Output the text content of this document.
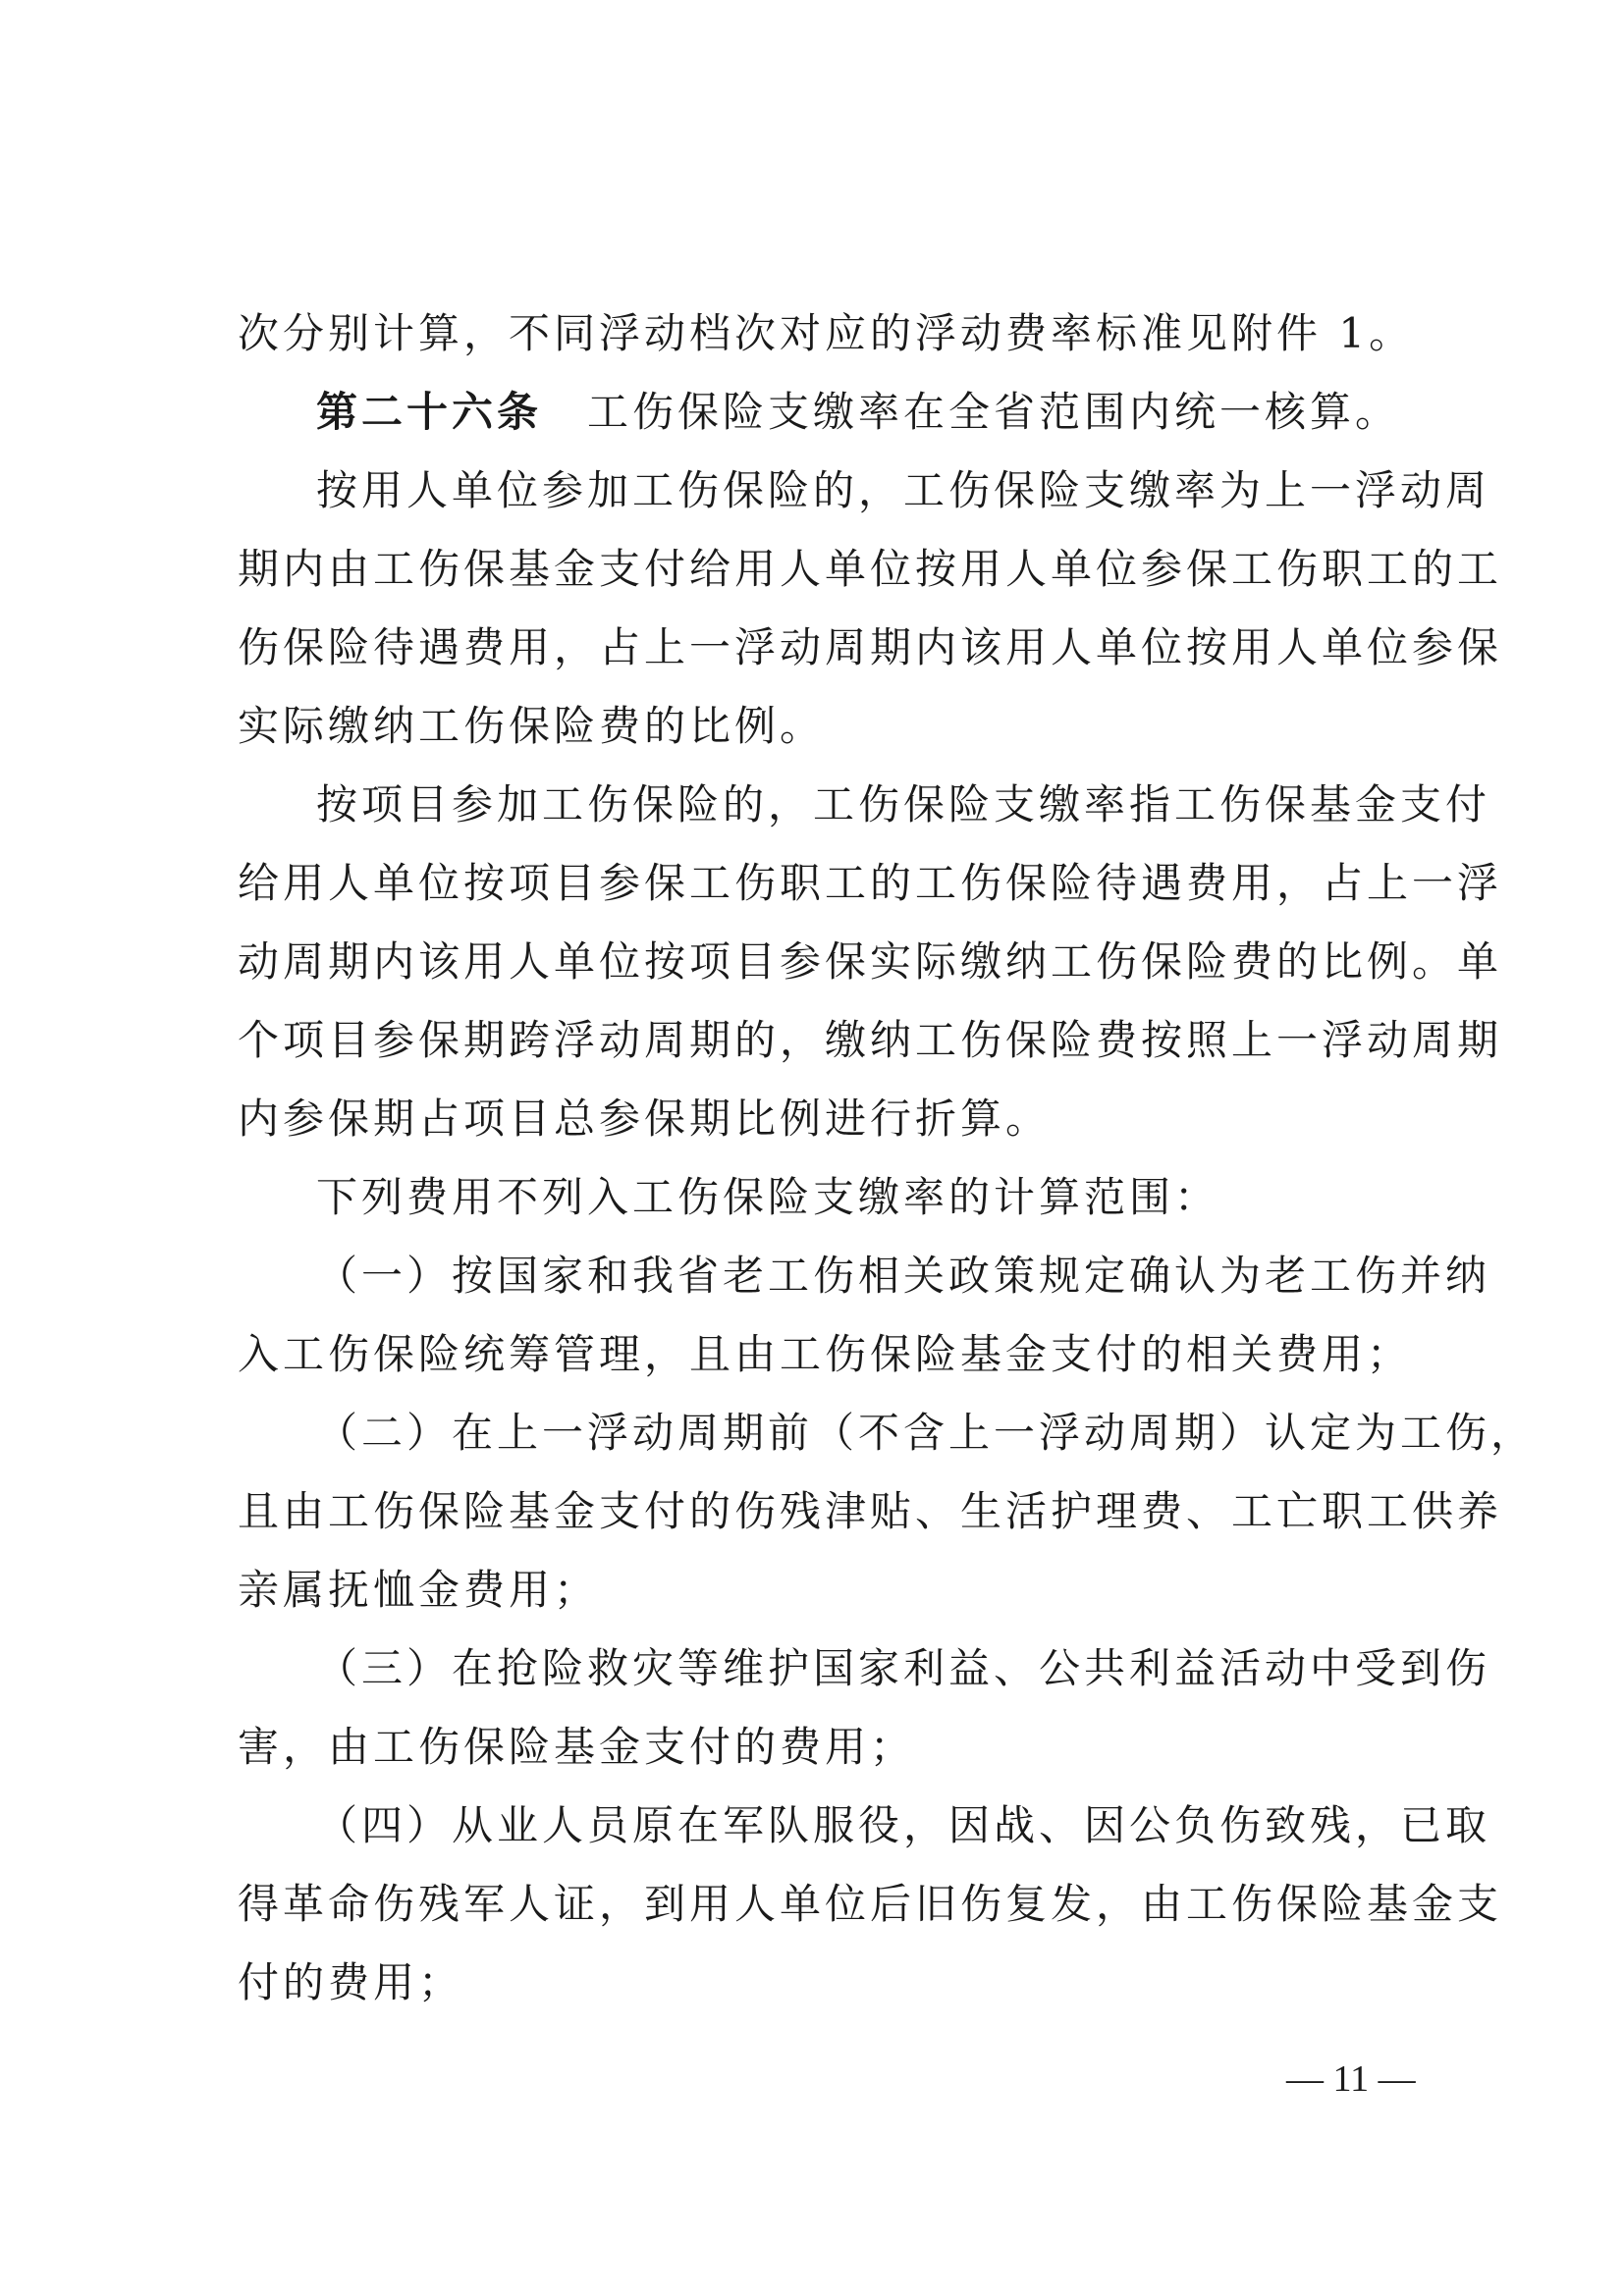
次分别计算，不同浮动档次对应的浮动费率标准见附件 1。
第二十六条 工伤保险支缴率在全省范围内统一核算。
按用人单位参加工伤保险的，工伤保险支缴率为上一浮动周
期内由工伤保基金支付给用人单位按用人单位参保工伤职工的工
伤保险待遇费用，占上一浮动周期内该用人单位按用人单位参保
实际缴纳工伤保险费的比例。
按项目参加工伤保险的，工伤保险支缴率指工伤保基金支付
给用人单位按项目参保工伤职工的工伤保险待遇费用，占上一浮
动周期内该用人单位按项目参保实际缴纳工伤保险费的比例。单
个项目参保期跨浮动周期的，缴纳工伤保险费按照上一浮动周期
内参保期占项目总参保期比例进行折算。
下列费用不列入工伤保险支缴率的计算范围：
（一）按国家和我省老工伤相关政策规定确认为老工伤并纳
入工伤保险统筹管理，且由工伤保险基金支付的相关费用；
（二）在上一浮动周期前（不含上一浮动周期）认定为工伤，
且由工伤保险基金支付的伤残津贴、生活护理费、工亡职工供养
亲属抚恤金费用；
（三）在抢险救灾等维护国家利益、公共利益活动中受到伤
害，由工伤保险基金支付的费用；
（四）从业人员原在军队服役，因战、因公负伤致残，已取
得革命伤残军人证，到用人单位后旧伤复发，由工伤保险基金支
付的费用；
— 11 —
